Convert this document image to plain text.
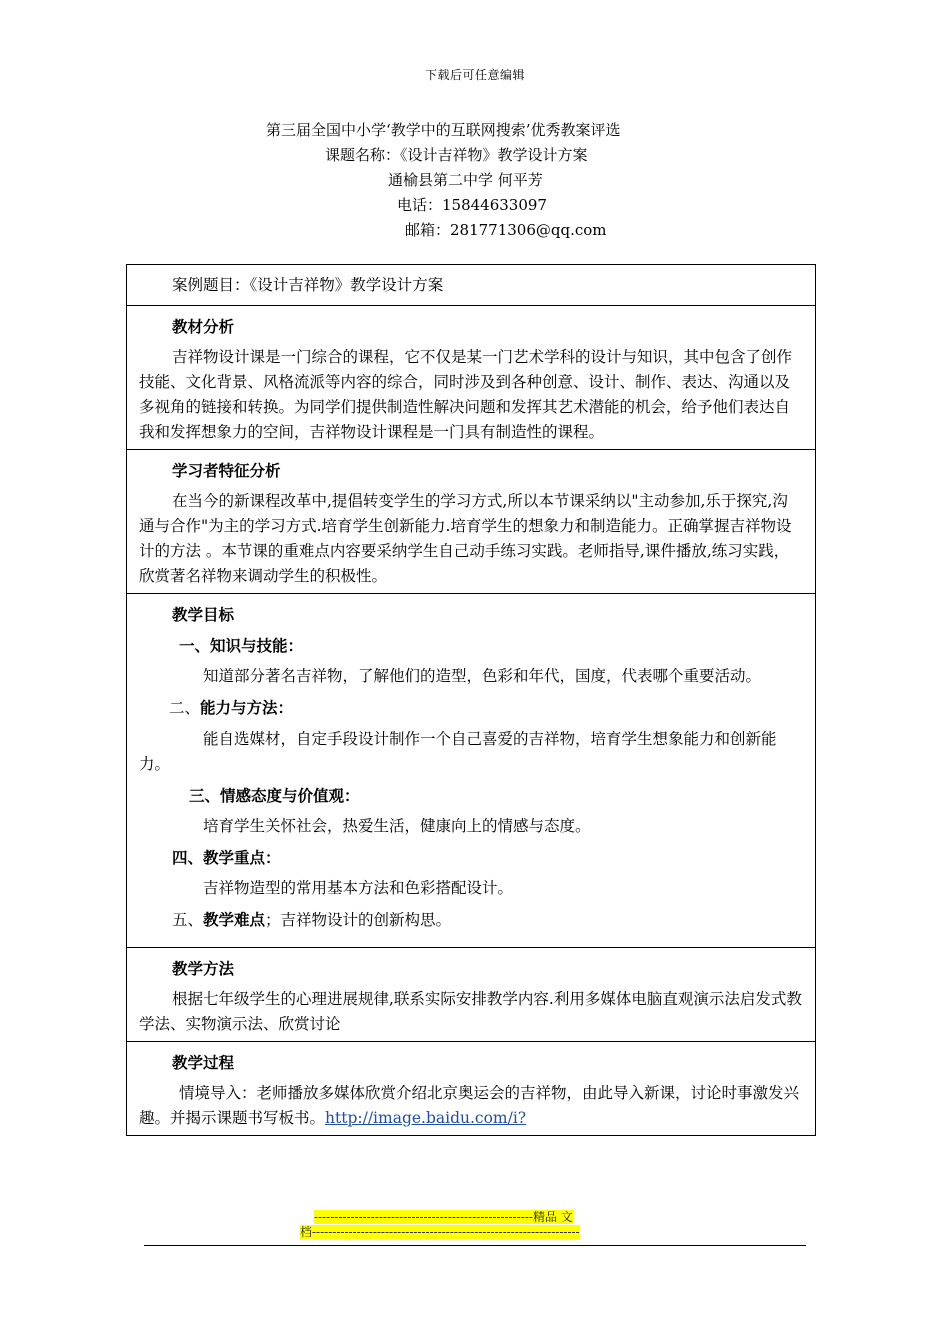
下载后可任意编辑
第三届全国中小学‘教学中的互联网搜索’优秀教案评选
课题名称：《设计吉祥物》教学设计方案
通榆县第二中学 何平芳
电话：15844633097
邮箱：281771306@qq.com

案例题目：《设计吉祥物》教学设计方案

教材分析

吉祥物设计课是一门综合的课程，它不仅是某一门艺术学科的设计与知识，其中包含了创作技能、文化背景、风格流派等内容的综合，同时涉及到各种创意、设计、制作、表达、沟通以及多视角的链接和转换。为同学们提供制造性解决问题和发挥其艺术潜能的机会，给予他们表达自我和发挥想象力的空间，吉祥物设计课程是一门具有制造性的课程。

学习者特征分析

在当今的新课程改革中,提倡转变学生的学习方式,所以本节课采纳以"主动参加,乐于探究,沟通与合作"为主的学习方式.培育学生创新能力.培育学生的想象力和制造能力。正确掌握吉祥物设计的方法 。本节课的重难点内容要采纳学生自己动手练习实践。老师指导,课件播放,练习实践，欣赏著名祥物来调动学生的积极性。

教学目标

一、知识与技能：

知道部分著名吉祥物，了解他们的造型，色彩和年代，国度，代表哪个重要活动。

二、能力与方法：

能自选媒材，自定手段设计制作一个自己喜爱的吉祥物，培育学生想象能力和创新能力。

三、情感态度与价值观：

培育学生关怀社会，热爱生活，健康向上的情感与态度。

四、教学重点：

吉祥物造型的常用基本方法和色彩搭配设计。

五、教学难点；吉祥物设计的创新构思。

教学方法

根据七年级学生的心理进展规律,联系实际安排教学内容.利用多媒体电脑直观演示法启发式教学法、实物演示法、欣赏讨论

教学过程

情境导入：老师播放多媒体欣赏介绍北京奥运会的吉祥物，由此导入新课，讨论时事激发兴趣。并揭示课题书写板书。http://image.baidu.com/i?

------------------------------------------------------精品 文
档------------------------------------------------------------------
